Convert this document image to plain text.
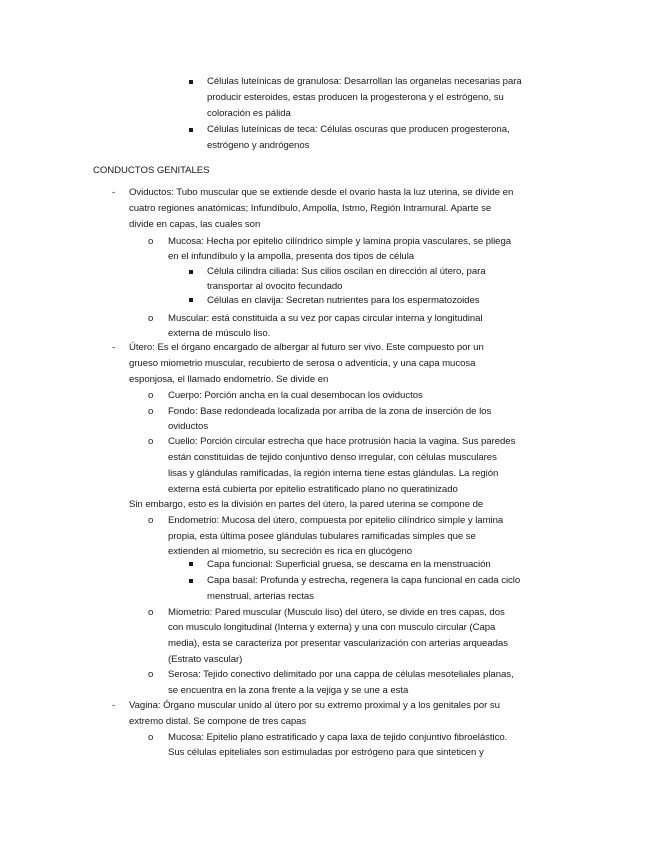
-
-
-
o
o
o
o
o
o
o
o
o
Células luteínicas de granulosa: Desarrollan las organelas necesarias para
producir esteroides, estas producen la progesterona y el estrógeno, su
coloración es pálida
Células luteínicas de teca: Células oscuras que producen progesterona,
estrógeno y andrógenos
CONDUCTOS GENITALES
Oviductos: Tubo muscular que se extiende desde el ovario hasta la luz uterina, se divide en
cuatro regiones anatómicas; Infundíbulo, Ampolla, Istmo, Región Intramural. Aparte se
divide en capas, las cuales son
Mucosa: Hecha por epitelio cilíndrico simple y lamina propia vasculares, se pliega
en el infundíbulo y la ampolla, presenta dos tipos de célula
Célula cilindra ciliada: Sus cilios oscilan en dirección al útero, para
transportar al ovocito fecundado
Células en clavija: Secretan nutrientes para los espermatozoides
Muscular: está constituida a su vez por capas circular interna y longitudinal
externa de músculo liso.
Útero: Es el órgano encargado de albergar al futuro ser vivo. Este compuesto por un
grueso miometrio muscular, recubierto de serosa o adventicia, y una capa mucosa
esponjosa, el llamado endometrio. Se divide en
Cuerpo: Porción ancha en la cual desembocan los oviductos
Fondo: Base redondeada localizada por arriba de la zona de inserción de los
oviductos
Cuello: Porción circular estrecha que hace protrusión hacia la vagina. Sus paredes
están constituidas de tejido conjuntivo denso irregular, con células musculares
lisas y glándulas ramificadas, la región interna tiene estas glándulas. La región
externa está cubierta por epitelio estratificado plano no queratinizado
Sin embargo, esto es la división en partes del útero, la pared uterina se compone de
Endometrio: Mucosa del útero, compuesta por epitelio cilíndrico simple y lamina
propia, esta última posee glándulas tubulares ramificadas simples que se
extienden al miometrio, su secreción es rica en glucógeno
Capa funcional: Superficial gruesa, se descama en la menstruación
Capa basal: Profunda y estrecha, regenera la capa funcional en cada ciclo
menstrual, arterias rectas
Miometrio: Pared muscular (Musculo liso) del útero, se divide en tres capas, dos
con musculo longitudinal (Interna y externa) y una con musculo circular (Capa
media), esta se caracteriza por presentar vascularización con arterias arqueadas
(Estrato vascular)
Serosa: Tejido conectivo delimitado por una cappa de células mesoteliales planas,
se encuentra en la zona frente a la vejiga y se une a esta
Vagina: Órgano muscular unido al útero por su extremo proximal y a los genitales por su
extremo distal. Se compone de tres capas
Mucosa: Epitelio plano estratificado y capa laxa de tejido conjuntivo fibroelástico.
Sus células epiteliales son estimuladas por estrógeno para que sinteticen y
